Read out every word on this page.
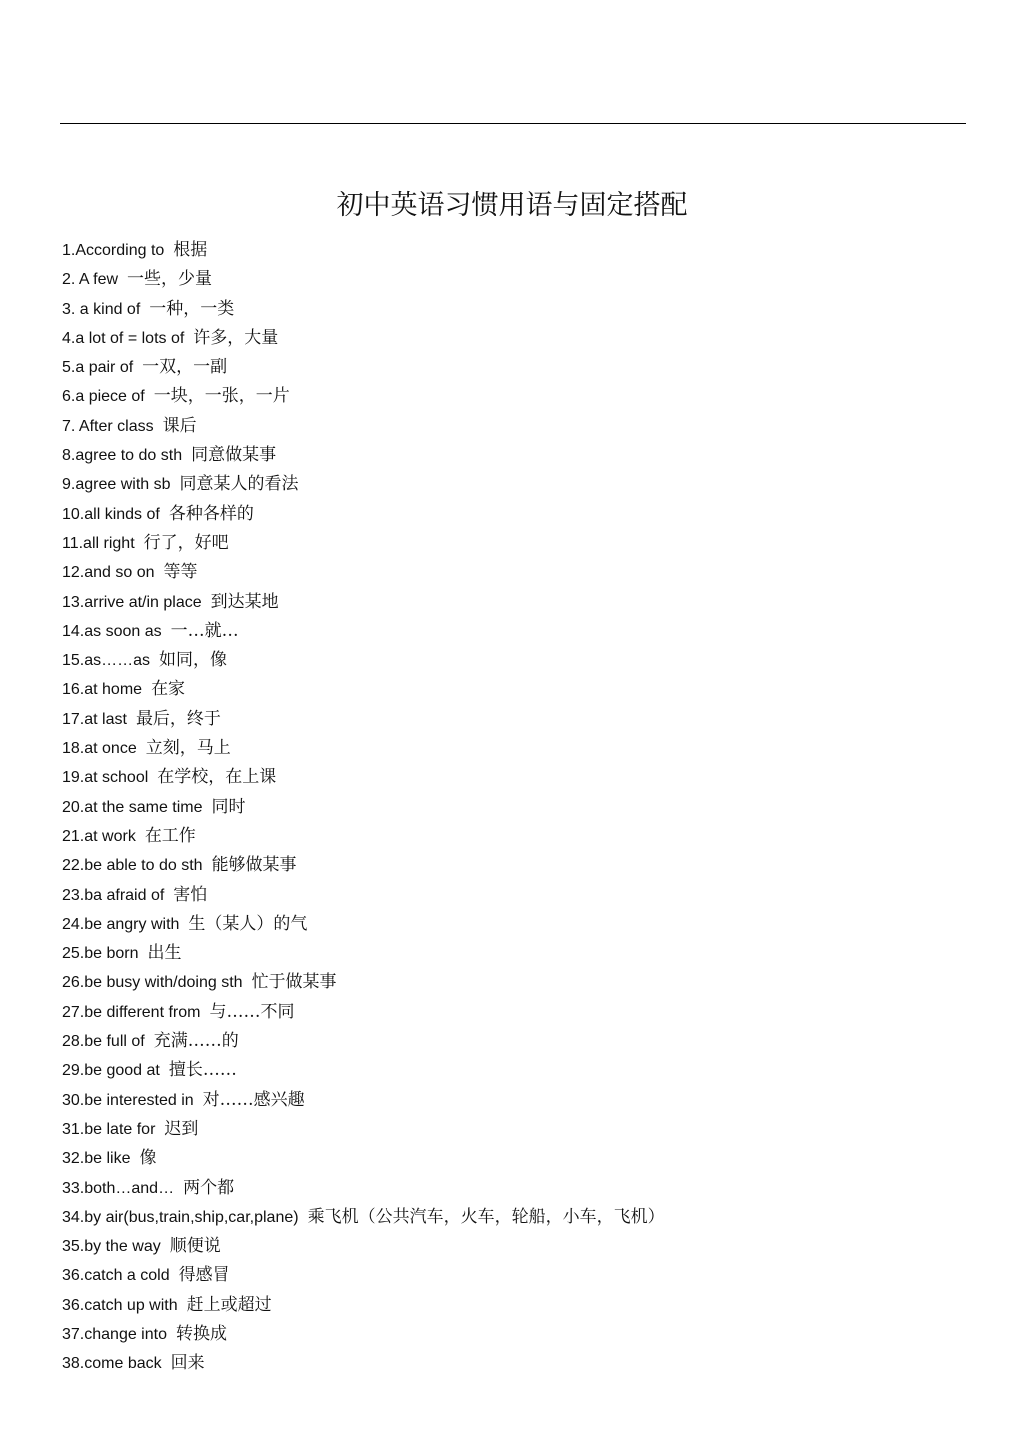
初中英语习惯用语与固定搭配
1.According to 根据
2. A few 一些，少量
3. a kind of 一种，一类
4.a lot of = lots of 许多，大量
5.a pair of 一双，一副
6.a piece of 一块，一张，一片
7. After class 课后
8.agree to do sth 同意做某事
9.agree with sb 同意某人的看法
10.all kinds of 各种各样的
11.all right 行了，好吧
12.and so on 等等
13.arrive at/in place 到达某地
14.as soon as 一…就…
15.as……as 如同，像
16.at home 在家
17.at last 最后，终于
18.at once 立刻，马上
19.at school 在学校，在上课
20.at the same time 同时
21.at work 在工作
22.be able to do sth 能够做某事
23.ba afraid of 害怕
24.be angry with 生（某人）的气
25.be born 出生
26.be busy with/doing sth 忙于做某事
27.be different from 与……不同
28.be full of 充满……的
29.be good at 擅长……
30.be interested in 对……感兴趣
31.be late for 迟到
32.be like 像
33.both…and… 两个都
34.by air(bus,train,ship,car,plane) 乘飞机（公共汽车，火车，轮船，小车，飞机）
35.by the way 顺便说
36.catch a cold 得感冒
36.catch up with 赶上或超过
37.change into 转换成
38.come back 回来
